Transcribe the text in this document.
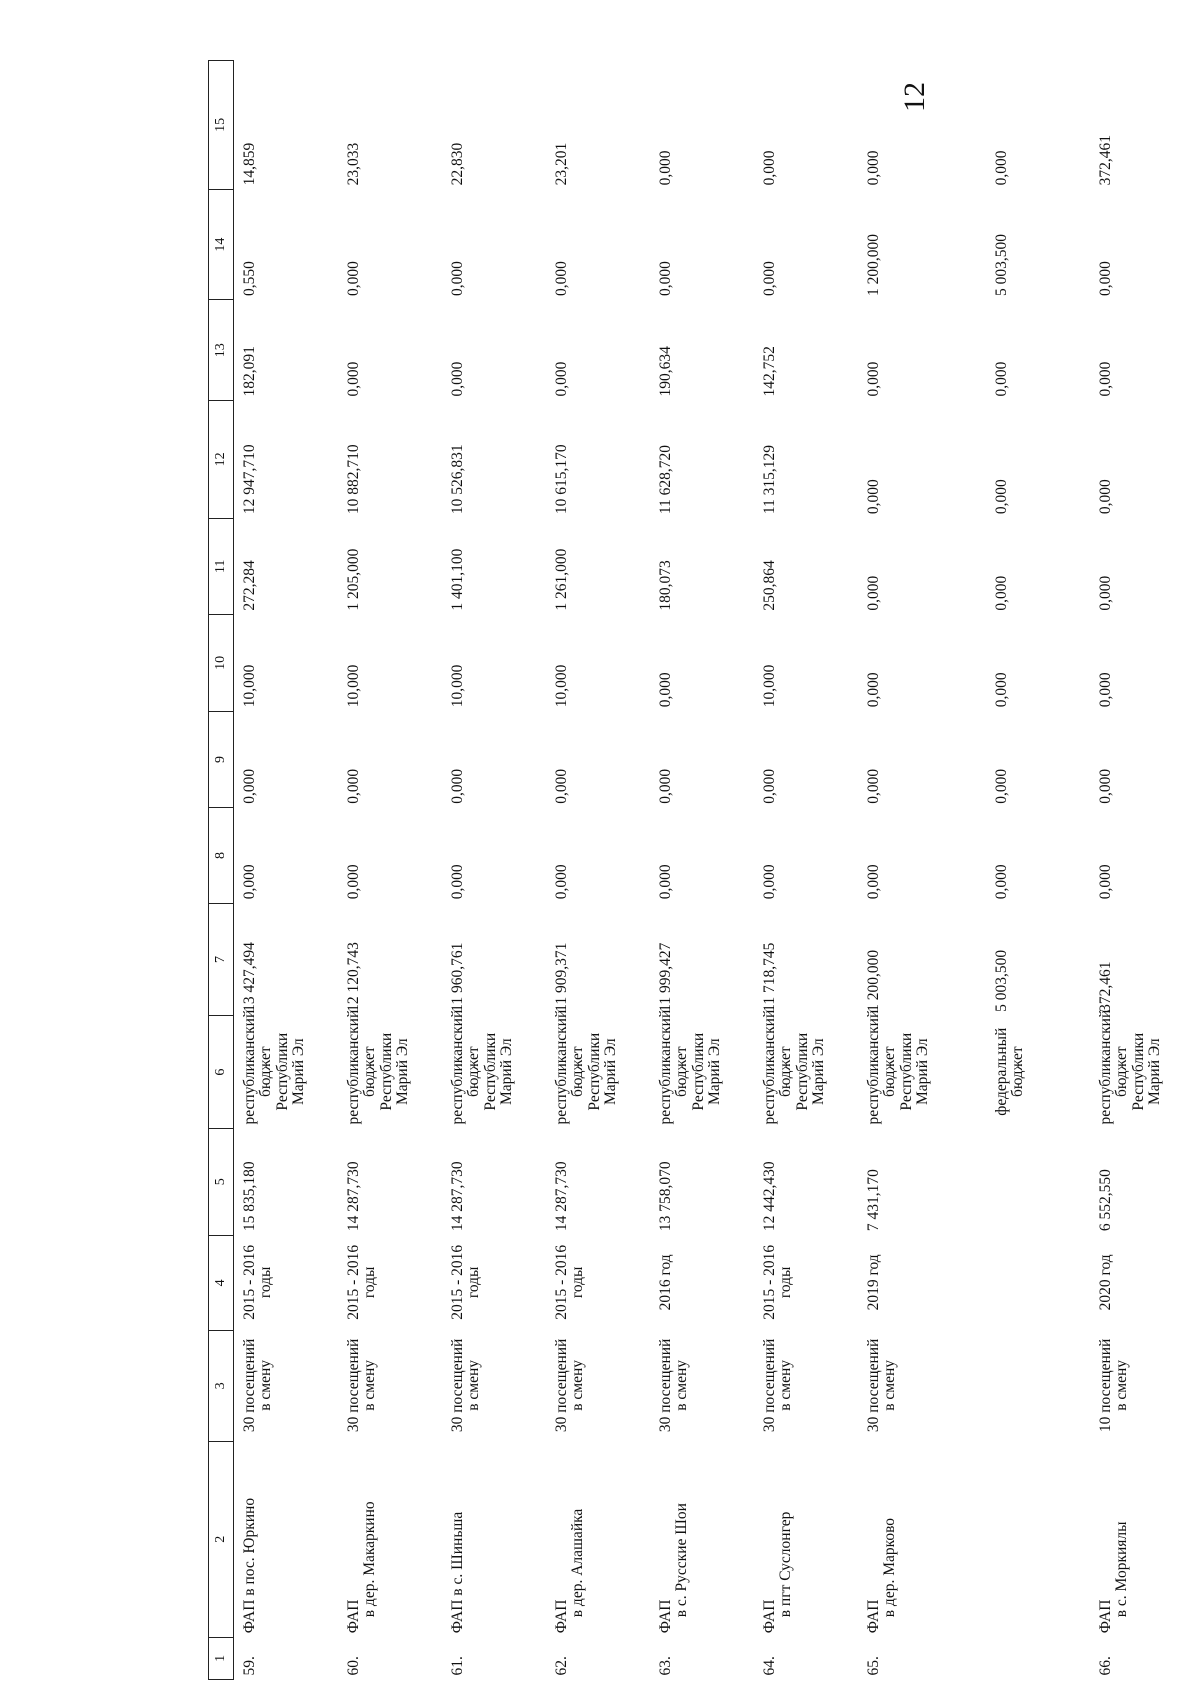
12
1	2	3	4	5	6	7	8	9	10	11	12	13	14	15
59.	ФАП в пос. Юркино	30 посещений в смену	2015 - 2016 годы	15 835,180	республиканский бюджет Республики Марий Эл	13 427,494	0,000	0,000	10,000	272,284	12 947,710	182,091	0,550	14,859
60.	ФАП в дер. Макаркино	30 посещений в смену	2015 - 2016 годы	14 287,730	республиканский бюджет Республики Марий Эл	12 120,743	0,000	0,000	10,000	1 205,000	10 882,710	0,000	0,000	23,033
61.	ФАП в с. Шиньша	30 посещений в смену	2015 - 2016 годы	14 287,730	республиканский бюджет Республики Марий Эл	11 960,761	0,000	0,000	10,000	1 401,100	10 526,831	0,000	0,000	22,830
62.	ФАП в дер. Алашайка	30 посещений в смену	2015 - 2016 годы	14 287,730	республиканский бюджет Республики Марий Эл	11 909,371	0,000	0,000	10,000	1 261,000	10 615,170	0,000	0,000	23,201
63.	ФАП в с. Русские Шои	30 посещений в смену	2016 год	13 758,070	республиканский бюджет Республики Марий Эл	11 999,427	0,000	0,000	0,000	180,073	11 628,720	190,634	0,000	0,000
64.	ФАП в пгт Суслонгер	30 посещений в смену	2015 - 2016 годы	12 442,430	республиканский бюджет Республики Марий Эл	11 718,745	0,000	0,000	10,000	250,864	11 315,129	142,752	0,000	0,000
65.	ФАП в дер. Марково	30 посещений в смену	2019 год	7 431,170	республиканский бюджет Республики Марий Эл	1 200,000	0,000	0,000	0,000	0,000	0,000	0,000	1 200,000	0,000

					федеральный бюджет	5 003,500	0,000	0,000	0,000	0,000	0,000	0,000	5 003,500	0,000
66.	ФАП в с. Моркиялы	10 посещений в смену	2020 год	6 552,550	республиканский бюджет Республики Марий Эл	372,461	0,000	0,000	0,000	0,000	0,000	0,000	0,000	372,461
